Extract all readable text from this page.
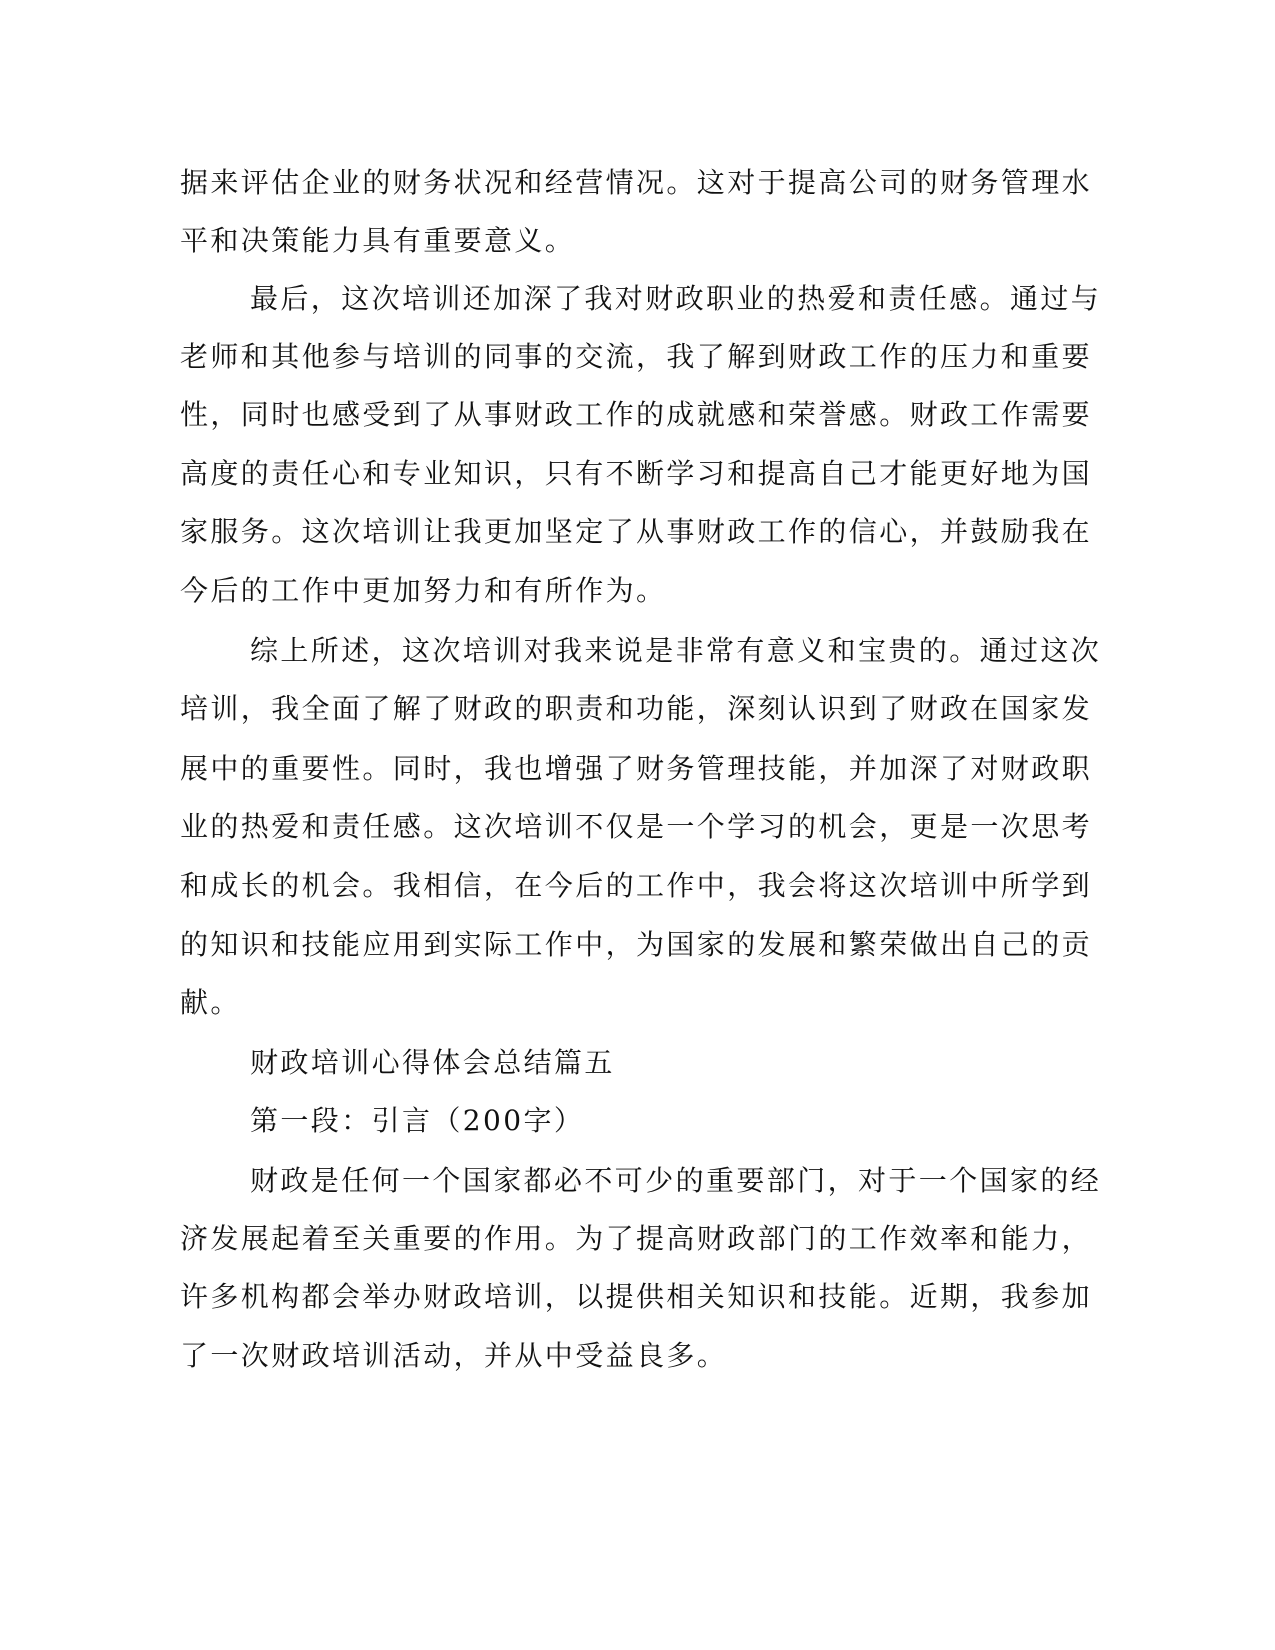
据来评估企业的财务状况和经营情况。这对于提高公司的财务管理水

平和决策能力具有重要意义。

最后，这次培训还加深了我对财政职业的热爱和责任感。通过与

老师和其他参与培训的同事的交流，我了解到财政工作的压力和重要

性，同时也感受到了从事财政工作的成就感和荣誉感。财政工作需要

高度的责任心和专业知识，只有不断学习和提高自己才能更好地为国

家服务。这次培训让我更加坚定了从事财政工作的信心，并鼓励我在

今后的工作中更加努力和有所作为。

综上所述，这次培训对我来说是非常有意义和宝贵的。通过这次

培训，我全面了解了财政的职责和功能，深刻认识到了财政在国家发

展中的重要性。同时，我也增强了财务管理技能，并加深了对财政职

业的热爱和责任感。这次培训不仅是一个学习的机会，更是一次思考

和成长的机会。我相信，在今后的工作中，我会将这次培训中所学到

的知识和技能应用到实际工作中，为国家的发展和繁荣做出自己的贡

献。

财政培训心得体会总结篇五

第一段：引言（200字）

财政是任何一个国家都必不可少的重要部门，对于一个国家的经

济发展起着至关重要的作用。为了提高财政部门的工作效率和能力，

许多机构都会举办财政培训，以提供相关知识和技能。近期，我参加

了一次财政培训活动，并从中受益良多。
